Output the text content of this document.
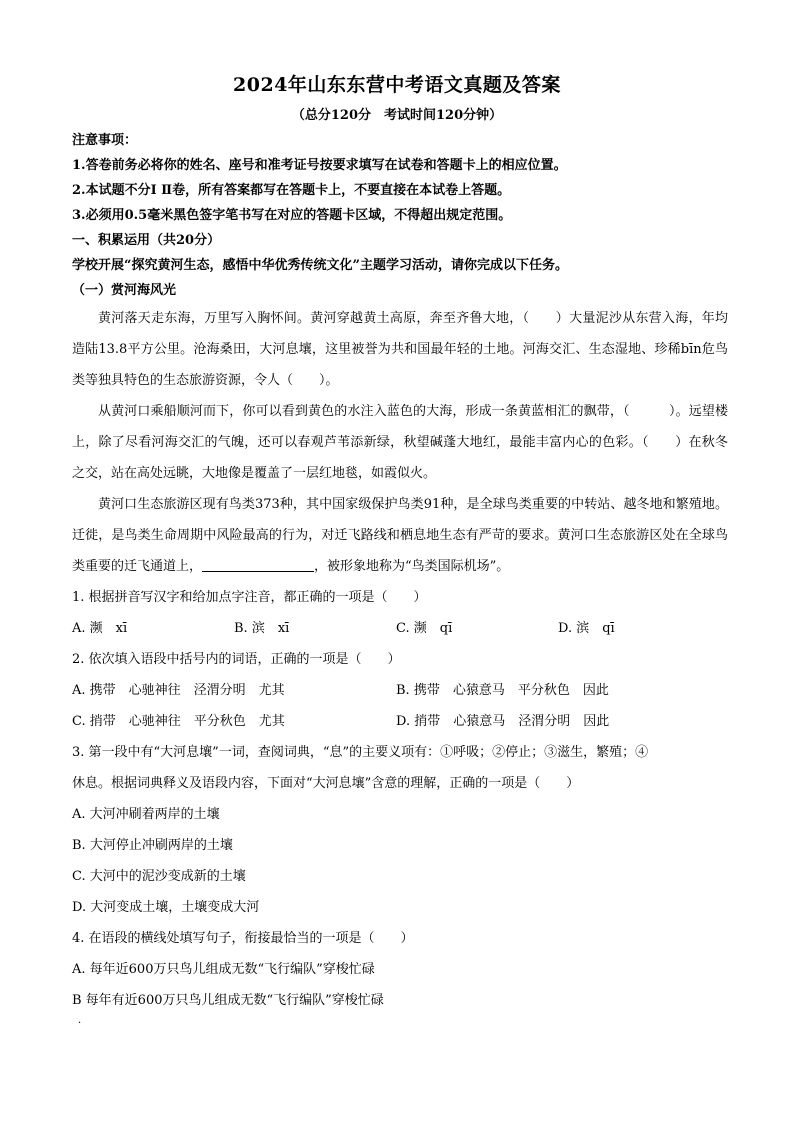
2024年山东东营中考语文真题及答案
（总分120分　考试时间120分钟）
注意事项：
1.答卷前务必将你的姓名、座号和准考证号按要求填写在试卷和答题卡上的相应位置。
2.本试题不分Ⅰ Ⅱ卷，所有答案都写在答题卡上，不要直接在本试卷上答题。
3.必须用0.5毫米黑色签字笔书写在对应的答题卡区域，不得超出规定范围。
一、积累运用（共20分）
学校开展“探究黄河生态，感悟中华优秀传统文化”主题学习活动，请你完成以下任务。
（一）赏河海风光

黄河落天走东海，万里写入胸怀间。黄河穿越黄土高原，奔至齐鲁大地，（　　）大量泥沙从东营入海，年均造陆13.8平方公里。沧海桑田，大河息壤，这里被誉为共和国最年轻的土地。河海交汇、生态湿地、珍稀bīn危鸟类等独具特色的生态旅游资源，令人（　　）。

从黄河口乘船顺河而下，你可以看到黄色的水注入蓝色的大海，形成一条黄蓝相汇的飘带，（　　　）。远望楼上，除了尽看河海交汇的气魄，还可以春观芦苇添新绿，秋望碱蓬大地红，最能丰富内心的色彩。（　　）在秋冬之交，站在高处远眺，大地像是覆盖了一层红地毯，如霞似火。

黄河口生态旅游区现有鸟类373种，其中国家级保护鸟类91种，是全球鸟类重要的中转站、越冬地和繁殖地。迁徙，是鸟类生命周期中风险最高的行为，对迁飞路线和栖息地生态有严苛的要求。黄河口生态旅游区处在全球鸟类重要的迁飞通道上，	，被形象地称为“鸟类国际机场”。

1. 根据拼音写汉字和给加点字注音，都正确的一项是（　　）
A. 濒　xī	B. 滨　xī	C. 濒　qī	D. 滨　qī
2. 依次填入语段中括号内的词语，正确的一项是（　　）
A. 携带　心驰神往　泾渭分明　尤其	B. 携带　心猿意马　平分秋色　因此
C. 捎带　心驰神往　平分秋色　尤其	D. 捎带　心猿意马　泾渭分明　因此
3. 第一段中有“大河息壤”一词，查阅词典，“息”的主要义项有：①呼吸；②停止；③滋生，繁殖；④
休息。根据词典释义及语段内容，下面对“大河息壤”含意的理解，正确的一项是（　　）
A. 大河冲刷着两岸的土壤
B. 大河停止冲刷两岸的土壤
C. 大河中的泥沙变成新的土壤
D. 大河变成土壤，土壤变成大河
4. 在语段的横线处填写句子，衔接最恰当的一项是（　　）
A. 每年近600万只鸟儿组成无数“飞行编队”穿梭忙碌
B 每年有近600万只鸟儿组成无数“飞行编队”穿梭忙碌
·
